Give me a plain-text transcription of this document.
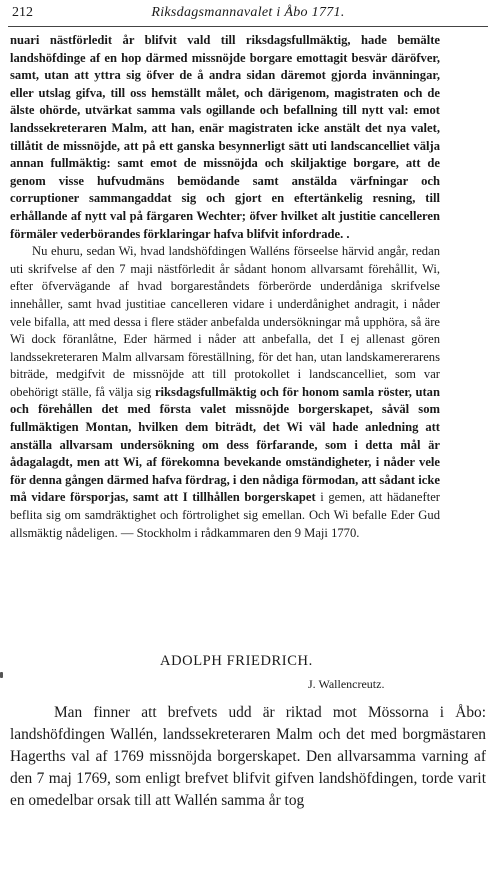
212	Riksdagsmannavalet i Åbo 1771.

nuari nästförledit år blifvit vald till riksdagsfullmäktig, hade bemälte landshöfdinge af en hop därmed missnöjde borgare emottagit besvär däröfver, samt, utan att yttra sig öfver de å andra sidan däremot gjorda invänningar, eller utslag gifva, till oss hemställt målet, och därigenom, magistraten och de älste ohörde, utvärkat samma vals ogillande och befallning till nytt val: emot landssekreteraren Malm, att han, enär magistraten icke anstält det nya valet, tillåtit de missnöjde, att på ett ganska besynnerligt sätt uti landscancelliet välja annan fullmäktig: samt emot de missnöjda och skiljaktige borgare, att de genom visse hufvudmäns bemödande samt anstälda värfningar och corruptioner sammangaddat sig och gjort en eftertänkelig resning, till erhållande af nytt val på färgaren Wechter; öfver hvilket alt justitie cancelleren förmäler vederbörandes förklaringar hafva blifvit infordrade. .

Nu ehuru, sedan Wi, hvad landshöfdingen Walléns förseelse härvid angår, redan uti skrifvelse af den 7 maji nästförledit år sådant honom allvarsamt förehållit, Wi, efter öfvervägande af hvad borgareståndets förberörde underdåniga skrifvelse innehåller, samt hvad justitiae cancelleren vidare i underdånighet andragit, i nåder vele bifalla, att med dessa i flere städer anbefalda undersökningar må upphöra, så äre Wi dock föranlåtne, Eder härmed i nåder att anbefalla, det I ej allenast gören landssekreteraren Malm allvarsam föreställning, för det han, utan landskamererarens biträde, medgifvit de missnöjde att till protokollet i landscancelliet, som var obehörigt ställe, få välja sig riksdagsfullmäktig och för honom samla röster, utan och förehållen det med första valet missnöjde borgerskapet, såväl som fullmäktigen Montan, hvilken dem biträdt, det Wi väl hade anledning att anställa allvarsam undersökning om dess förfarande, som i detta mål är ådagalagdt, men att Wi, af förekomna bevekande omständigheter, i nåder vele för denna gången därmed hafva fördrag, i den nådiga förmodan, att sådant icke må vidare försporjas, samt att I tillhållen borgerskapet i gemen, att hädanefter beflita sig om samdräktighet och förtrolighet sig emellan. Och Wi befalle Eder Gud allsmäktig nådeligen. — Stockholm i rådkammaren den 9 Maji 1770.

ADOLPH FRIEDRICH.
J. Wallencreutz.

Man finner att brefvets udd är riktad mot Mössorna i Åbo: landshöfdingen Wallén, landssekreteraren Malm och det med borgmästaren Hagerths val af 1769 missnöjda borgerskapet. Den allvarsamma varning af den 7 maj 1769, som enligt brefvet blifvit gifven landshöfdingen, torde varit en omedelbar orsak till att Wallén samma år tog
